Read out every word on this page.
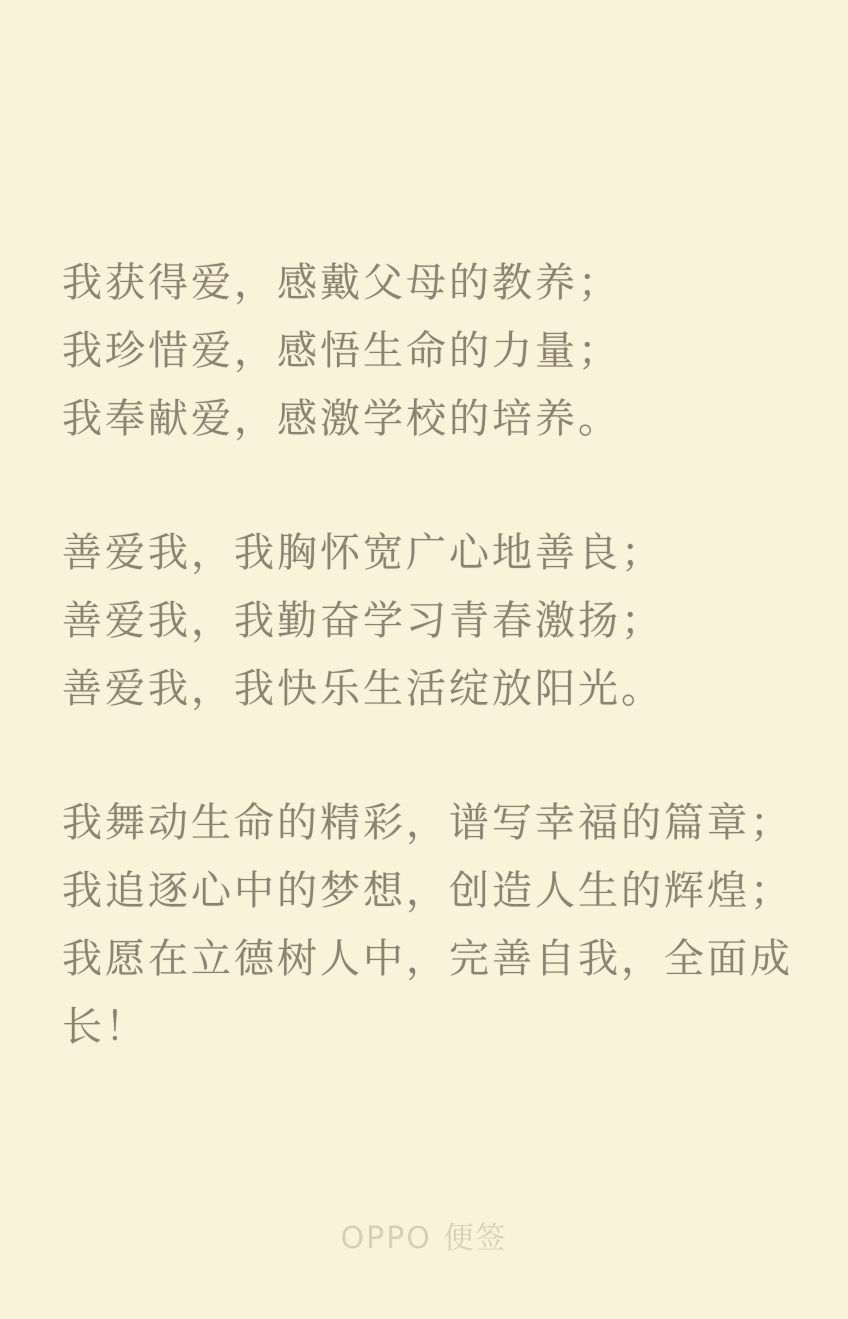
我获得爱，感戴父母的教养；
我珍惜爱，感悟生命的力量；
我奉献爱，感激学校的培养。
善爱我，我胸怀宽广心地善良；
善爱我，我勤奋学习青春激扬；
善爱我，我快乐生活绽放阳光。
我舞动生命的精彩，谱写幸福的篇章；
我追逐心中的梦想，创造人生的辉煌；
我愿在立德树人中，完善自我，全面成长！
OPPO 便签
